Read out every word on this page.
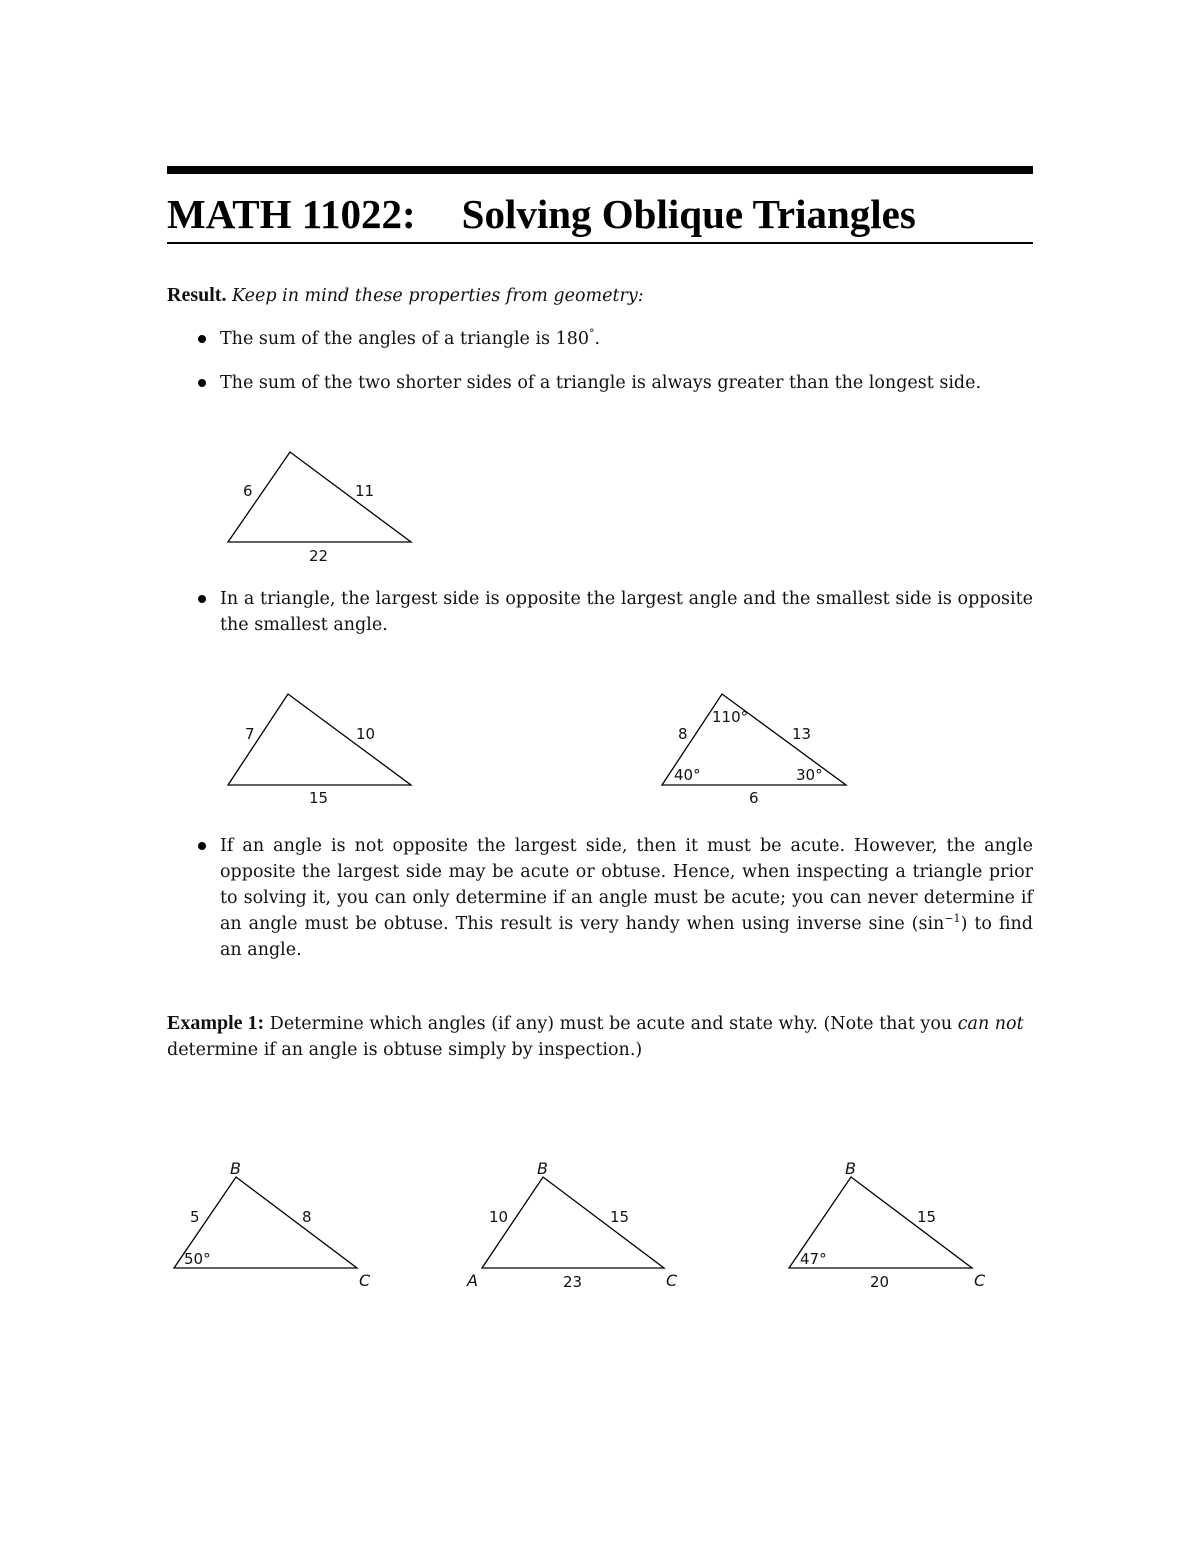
MATH 11022: Solving Oblique Triangles

Result. Keep in mind these properties from geometry:

The sum of the angles of a triangle is 180°.

The sum of the two shorter sides of a triangle is always greater than the longest side.

In a triangle, the largest side is opposite the largest angle and the smallest side is opposite the smallest angle.

If an angle is not opposite the largest side, then it must be acute. However, the angle opposite the largest side may be acute or obtuse. Hence, when inspecting a triangle prior to solving it, you can only determine if an angle must be acute; you can never determine if an angle must be obtuse. This result is very handy when using inverse sine $(\sin^{-1})$ to find an angle.

Example 1: Determine which angles (if any) must be acute and state why. (Note that you can not determine if an angle is obtuse simply by inspection.)

6	11
22
7	10
15
8	13
6
110°
40°	30°
B
C
5	8
50°
B
A	C
10	15
23
B
C
15
20
47°
